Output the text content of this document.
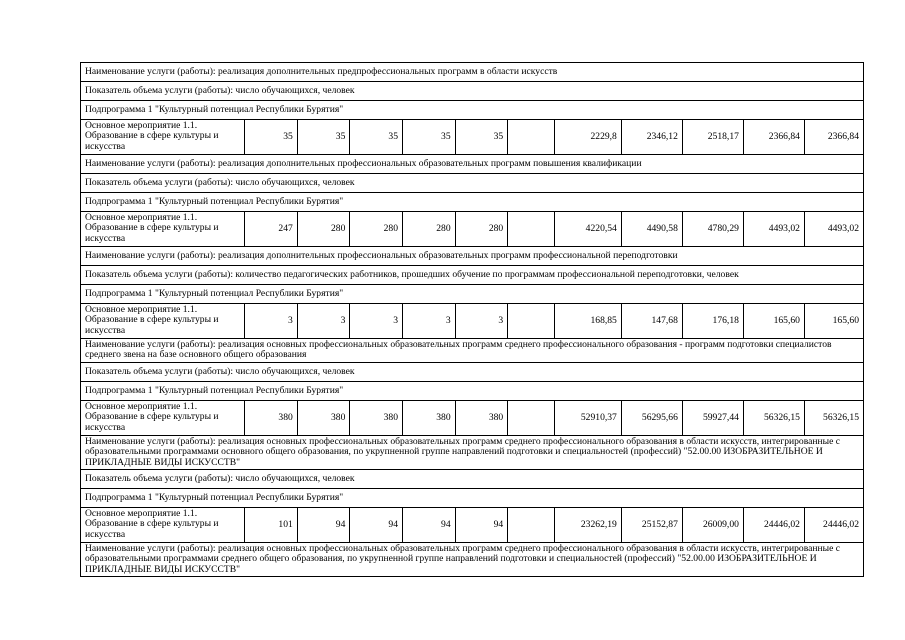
Наименование услуги (работы): реализация дополнительных предпрофессиональных программ в области искусств											
Показатель объема услуги (работы): число обучающихся, человек											
Подпрограмма 1 "Культурный потенциал Республики Бурятия"											
Основное мероприятие 1.1. Образование в сфере культуры и искусства	35	35	35	35	35		2229,8	2346,12	2518,17	2366,84	2366,84
Наименование услуги (работы): реализация дополнительных профессиональных образовательных программ повышения квалификации											
Показатель объема услуги (работы): число обучающихся, человек											
Подпрограмма 1 "Культурный потенциал Республики Бурятия"											
Основное мероприятие 1.1. Образование в сфере культуры и искусства	247	280	280	280	280		4220,54	4490,58	4780,29	4493,02	4493,02
Наименование услуги (работы): реализация дополнительных профессиональных образовательных программ профессиональной переподготовки											
Показатель объема услуги (работы): количество педагогических работников, прошедших обучение по программам профессиональной переподготовки, человек											
Подпрограмма 1 "Культурный потенциал Республики Бурятия"											
Основное мероприятие 1.1. Образование в сфере культуры и искусства	3	3	3	3	3		168,85	147,68	176,18	165,60	165,60
Наименование услуги (работы): реализация основных профессиональных образовательных программ среднего профессионального образования - программ подготовки специалистов среднего звена на базе основного общего образования											
Показатель объема услуги (работы): число обучающихся, человек											
Подпрограмма 1 "Культурный потенциал Республики Бурятия"											
Основное мероприятие 1.1. Образование в сфере культуры и искусства	380	380	380	380	380		52910,37	56295,66	59927,44	56326,15	56326,15
Наименование услуги (работы): реализация основных профессиональных образовательных программ среднего профессионального образования в области искусств, интегрированные с образовательными программами основного общего образования, по укрупненной группе направлений подготовки и специальностей (профессий) "52.00.00 ИЗОБРАЗИТЕЛЬНОЕ И ПРИКЛАДНЫЕ ВИДЫ ИСКУССТВ"											
Показатель объема услуги (работы): число обучающихся, человек											
Подпрограмма 1 "Культурный потенциал Республики Бурятия"											
Основное мероприятие 1.1. Образование в сфере культуры и искусства	101	94	94	94	94		23262,19	25152,87	26009,00	24446,02	24446,02
Наименование услуги (работы): реализация основных профессиональных образовательных программ среднего профессионального образования в области искусств, интегрированные с образовательными программами среднего общего образования, по укрупненной группе направлений подготовки и специальностей (профессий) "52.00.00 ИЗОБРАЗИТЕЛЬНОЕ И ПРИКЛАДНЫЕ ВИДЫ ИСКУССТВ"											
